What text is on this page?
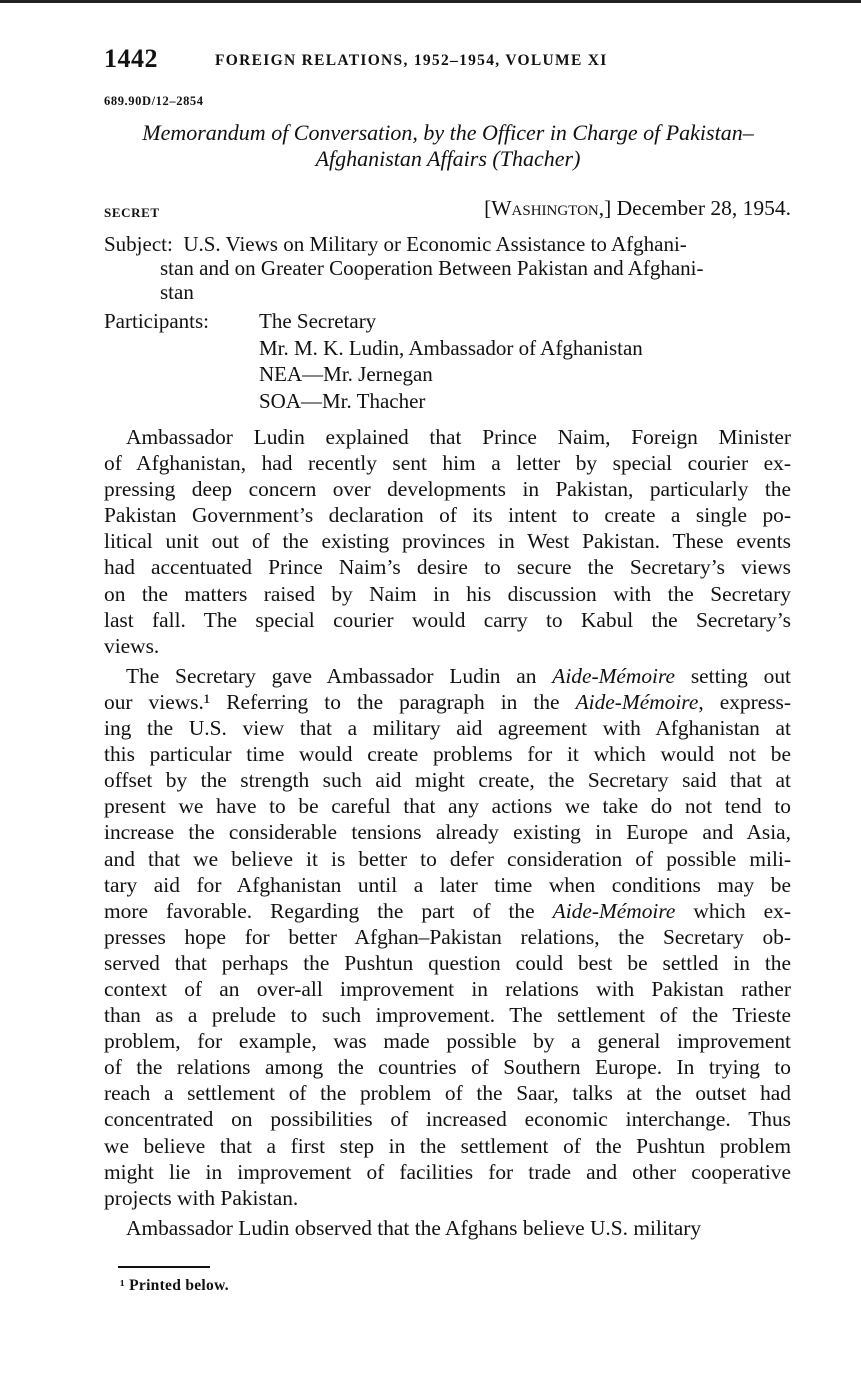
1442	FOREIGN RELATIONS, 1952–1954, VOLUME XI
689.90D/12–2854
Memorandum of Conversation, by the Officer in Charge of Pakistan–
Afghanistan Affairs (Thacher)
SECRET	[Washington,] December 28, 1954.
Subject: U.S. Views on Military or Economic Assistance to Afghani-
stan and on Greater Cooperation Between Pakistan and Afghani-
stan
Participants: The Secretary
Mr. M. K. Ludin, Ambassador of Afghanistan
NEA—Mr. Jernegan
SOA—Mr. Thacher
Ambassador Ludin explained that Prince Naim, Foreign Minister
of Afghanistan, had recently sent him a letter by special courier ex-
pressing deep concern over developments in Pakistan, particularly the
Pakistan Government’s declaration of its intent to create a single po-
litical unit out of the existing provinces in West Pakistan. These events
had accentuated Prince Naim’s desire to secure the Secretary’s views
on the matters raised by Naim in his discussion with the Secretary
last fall. The special courier would carry to Kabul the Secretary’s
views.
The Secretary gave Ambassador Ludin an Aide-Mémoire setting out
our views.¹ Referring to the paragraph in the Aide-Mémoire, express-
ing the U.S. view that a military aid agreement with Afghanistan at
this particular time would create problems for it which would not be
offset by the strength such aid might create, the Secretary said that at
present we have to be careful that any actions we take do not tend to
increase the considerable tensions already existing in Europe and Asia,
and that we believe it is better to defer consideration of possible mili-
tary aid for Afghanistan until a later time when conditions may be
more favorable. Regarding the part of the Aide-Mémoire which ex-
presses hope for better Afghan–Pakistan relations, the Secretary ob-
served that perhaps the Pushtun question could best be settled in the
context of an over-all improvement in relations with Pakistan rather
than as a prelude to such improvement. The settlement of the Trieste
problem, for example, was made possible by a general improvement
of the relations among the countries of Southern Europe. In trying to
reach a settlement of the problem of the Saar, talks at the outset had
concentrated on possibilities of increased economic interchange. Thus
we believe that a first step in the settlement of the Pushtun problem
might lie in improvement of facilities for trade and other cooperative
projects with Pakistan.
Ambassador Ludin observed that the Afghans believe U.S. military
¹ Printed below.
